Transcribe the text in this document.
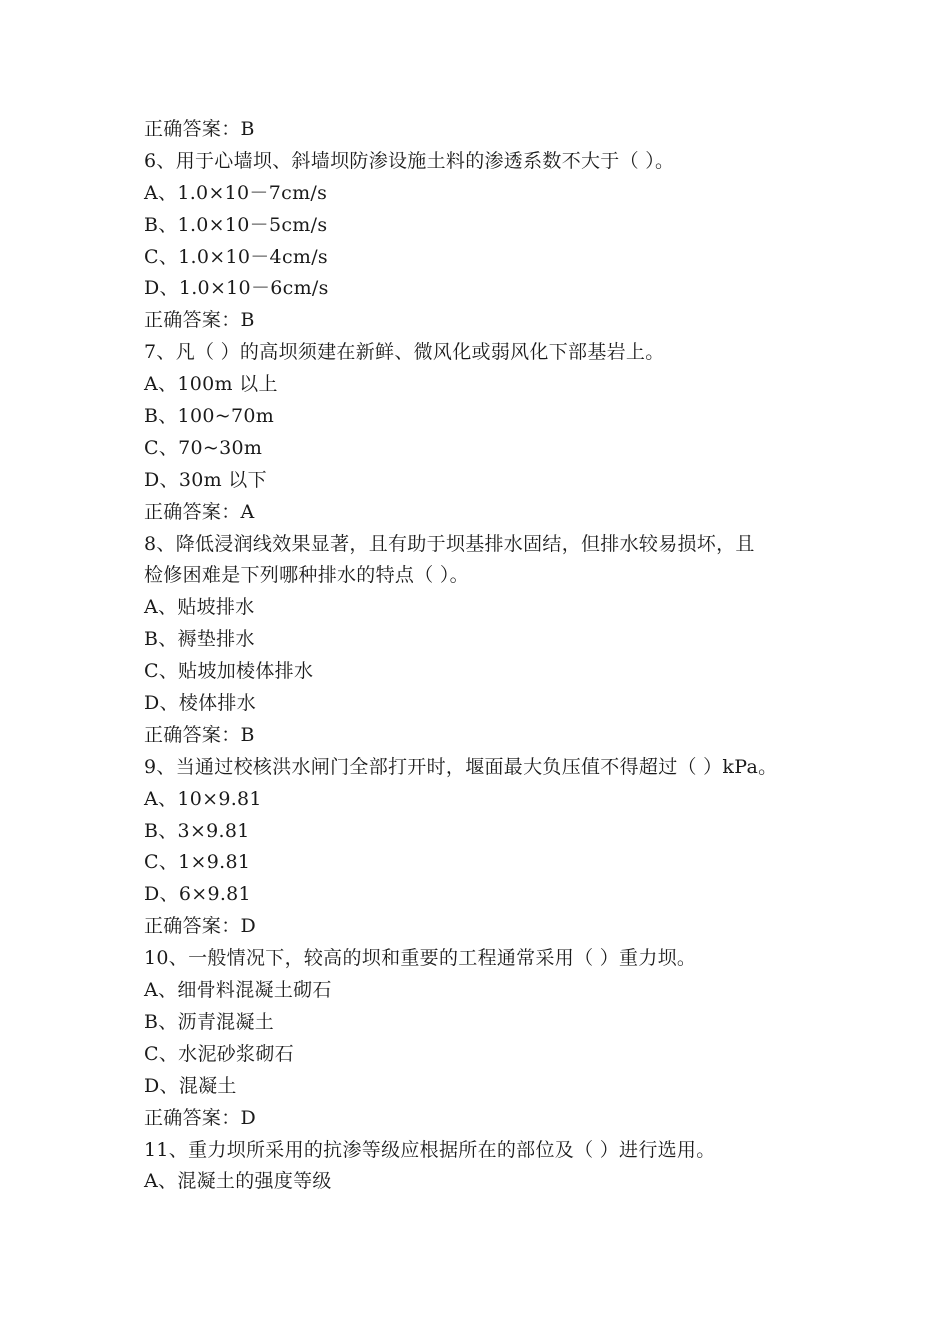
正确答案：B
6、用于心墙坝、斜墙坝防渗设施土料的渗透系数不大于（ ）。
A、1.0×10－7cm/s
B、1.0×10－5cm/s
C、1.0×10－4cm/s
D、1.0×10－6cm/s
正确答案：B
7、凡（ ）的高坝须建在新鲜、微风化或弱风化下部基岩上。
A、100m 以上
B、100~70m
C、70~30m
D、30m 以下
正确答案：A
8、降低浸润线效果显著，且有助于坝基排水固结，但排水较易损坏，且
检修困难是下列哪种排水的特点（ ）。
A、贴坡排水
B、褥垫排水
C、贴坡加棱体排水
D、棱体排水
正确答案：B
9、当通过校核洪水闸门全部打开时，堰面最大负压值不得超过（ ）kPa。
A、10×9.81
B、3×9.81
C、1×9.81
D、6×9.81
正确答案：D
10、一般情况下，较高的坝和重要的工程通常采用（ ）重力坝。
A、细骨料混凝土砌石
B、沥青混凝土
C、水泥砂浆砌石
D、混凝土
正确答案：D
11、重力坝所采用的抗渗等级应根据所在的部位及（ ）进行选用。
A、混凝土的强度等级
